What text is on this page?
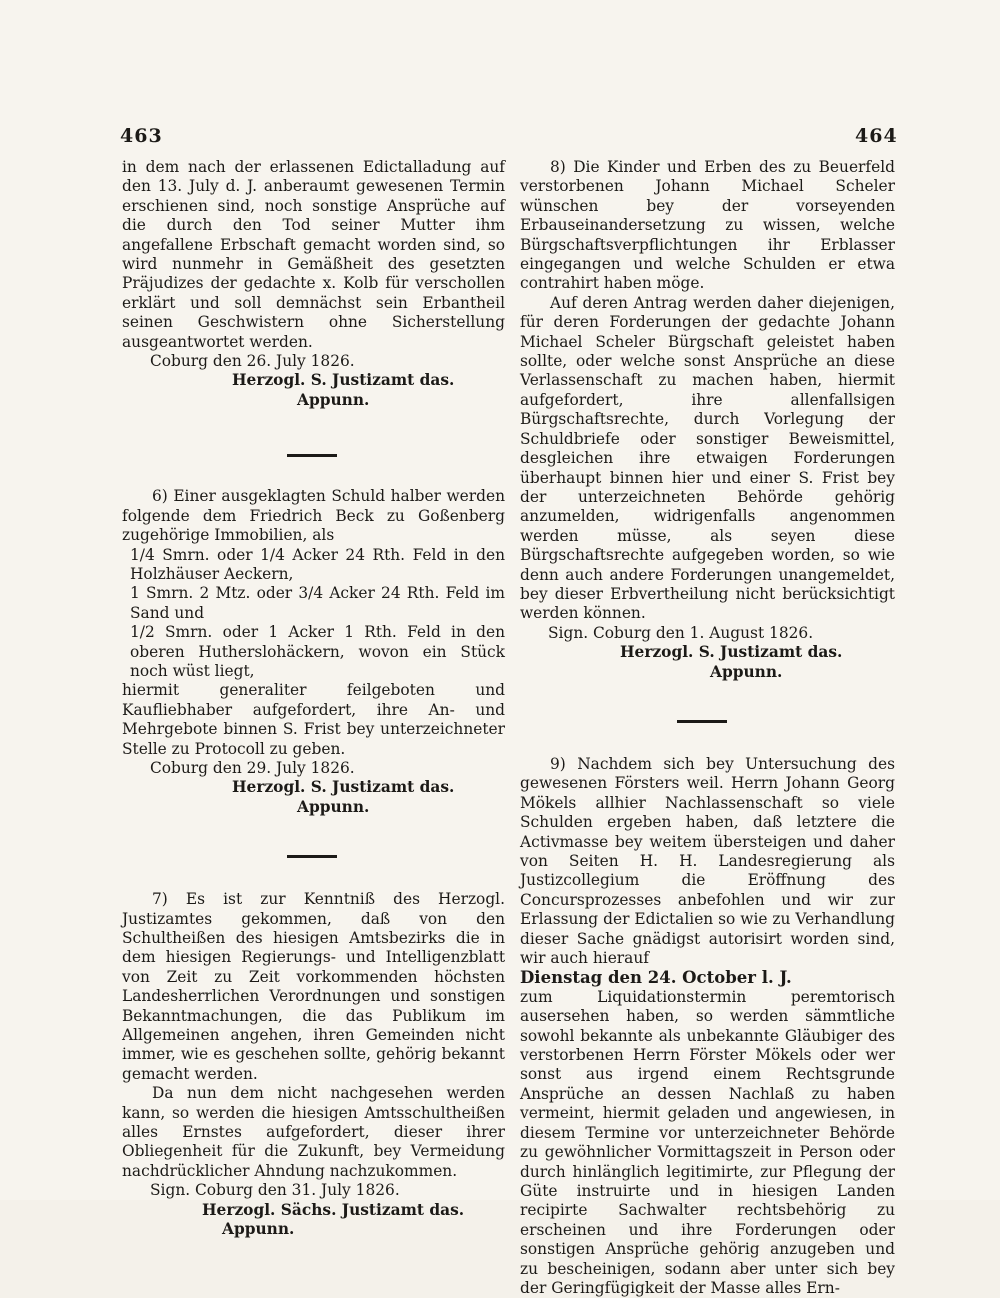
463	464

in dem nach der erlassenen Edictalladung auf den 13. July d. J. anberaumt gewesenen Termin erschienen sind, noch sonstige Ansprüche auf die durch den Tod seiner Mutter ihm angefallene Erbschaft gemacht worden sind, so wird nunmehr in Gemäßheit des gesetzten Präjudizes der gedachte x. Kolb für verschollen erklärt und soll demnächst sein Erbantheil seinen Geschwistern ohne Sicherstellung ausgeantwortet werden.

Coburg den 26. July 1826.

Herzogl. S. Justizamt das.

Appunn.

6) Einer ausgeklagten Schuld halber werden folgende dem Friedrich Beck zu Goßenberg zugehörige Immobilien, als

1/4 Smrn. oder 1/4 Acker 24 Rth. Feld in den Holzhäuser Aeckern,

1 Smrn. 2 Mtz. oder 3/4 Acker 24 Rth. Feld im Sand und

1/2 Smrn. oder 1 Acker 1 Rth. Feld in den oberen Hutherslohäckern, wovon ein Stück noch wüst liegt,

hiermit generaliter feilgeboten und Kaufliebhaber aufgefordert, ihre An- und Mehrgebote binnen S. Frist bey unterzeichneter Stelle zu Protocoll zu geben.

Coburg den 29. July 1826.

Herzogl. S. Justizamt das.

Appunn.

7) Es ist zur Kenntniß des Herzogl. Justizamtes gekommen, daß von den Schultheißen des hiesigen Amtsbezirks die in dem hiesigen Regierungs- und Intelligenzblatt von Zeit zu Zeit vorkommenden höchsten Landesherrlichen Verordnungen und sonstigen Bekanntmachungen, die das Publikum im Allgemeinen angehen, ihren Gemeinden nicht immer, wie es geschehen sollte, gehörig bekannt gemacht werden.

Da nun dem nicht nachgesehen werden kann, so werden die hiesigen Amtsschultheißen alles Ernstes aufgefordert, dieser ihrer Obliegenheit für die Zukunft, bey Vermeidung nachdrücklicher Ahndung nachzukommen.

Sign. Coburg den 31. July 1826.

Herzogl. Sächs. Justizamt das.

Appunn.

8) Die Kinder und Erben des zu Beuerfeld verstorbenen Johann Michael Scheler wünschen bey der vorseyenden Erbauseinandersetzung zu wissen, welche Bürgschaftsverpflichtungen ihr Erblasser eingegangen und welche Schulden er etwa contrahirt haben möge.

Auf deren Antrag werden daher diejenigen, für deren Forderungen der gedachte Johann Michael Scheler Bürgschaft geleistet haben sollte, oder welche sonst Ansprüche an diese Verlassenschaft zu machen haben, hiermit aufgefordert, ihre allenfallsigen Bürgschaftsrechte, durch Vorlegung der Schuldbriefe oder sonstiger Beweismittel, desgleichen ihre etwaigen Forderungen überhaupt binnen hier und einer S. Frist bey der unterzeichneten Behörde gehörig anzumelden, widrigenfalls angenommen werden müsse, als seyen diese Bürgschaftsrechte aufgegeben worden, so wie denn auch andere Forderungen unangemeldet, bey dieser Erbvertheilung nicht berücksichtigt werden können.

Sign. Coburg den 1. August 1826.

Herzogl. S. Justizamt das.

Appunn.

9) Nachdem sich bey Untersuchung des gewesenen Försters weil. Herrn Johann Georg Mökels allhier Nachlassenschaft so viele Schulden ergeben haben, daß letztere die Activmasse bey weitem übersteigen und daher von Seiten H. H. Landesregierung als Justizcollegium die Eröffnung des Concursprozesses anbefohlen und wir zur Erlassung der Edictalien so wie zu Verhandlung dieser Sache gnädigst autorisirt worden sind, wir auch hierauf

Dienstag den 24. October l. J.

zum Liquidationstermin peremtorisch ausersehen haben, so werden sämmtliche sowohl bekannte als unbekannte Gläubiger des verstorbenen Herrn Förster Mökels oder wer sonst aus irgend einem Rechtsgrunde Ansprüche an dessen Nachlaß zu haben vermeint, hiermit geladen und angewiesen, in diesem Termine vor unterzeichneter Behörde zu gewöhnlicher Vormittagszeit in Person oder durch hinlänglich legitimirte, zur Pflegung der Güte instruirte und in hiesigen Landen recipirte Sachwalter rechtsbehörig zu erscheinen und ihre Forderungen oder sonstigen Ansprüche gehörig anzugeben und zu bescheinigen, sodann aber unter sich bey der Geringfügigkeit der Masse alles Ern-
